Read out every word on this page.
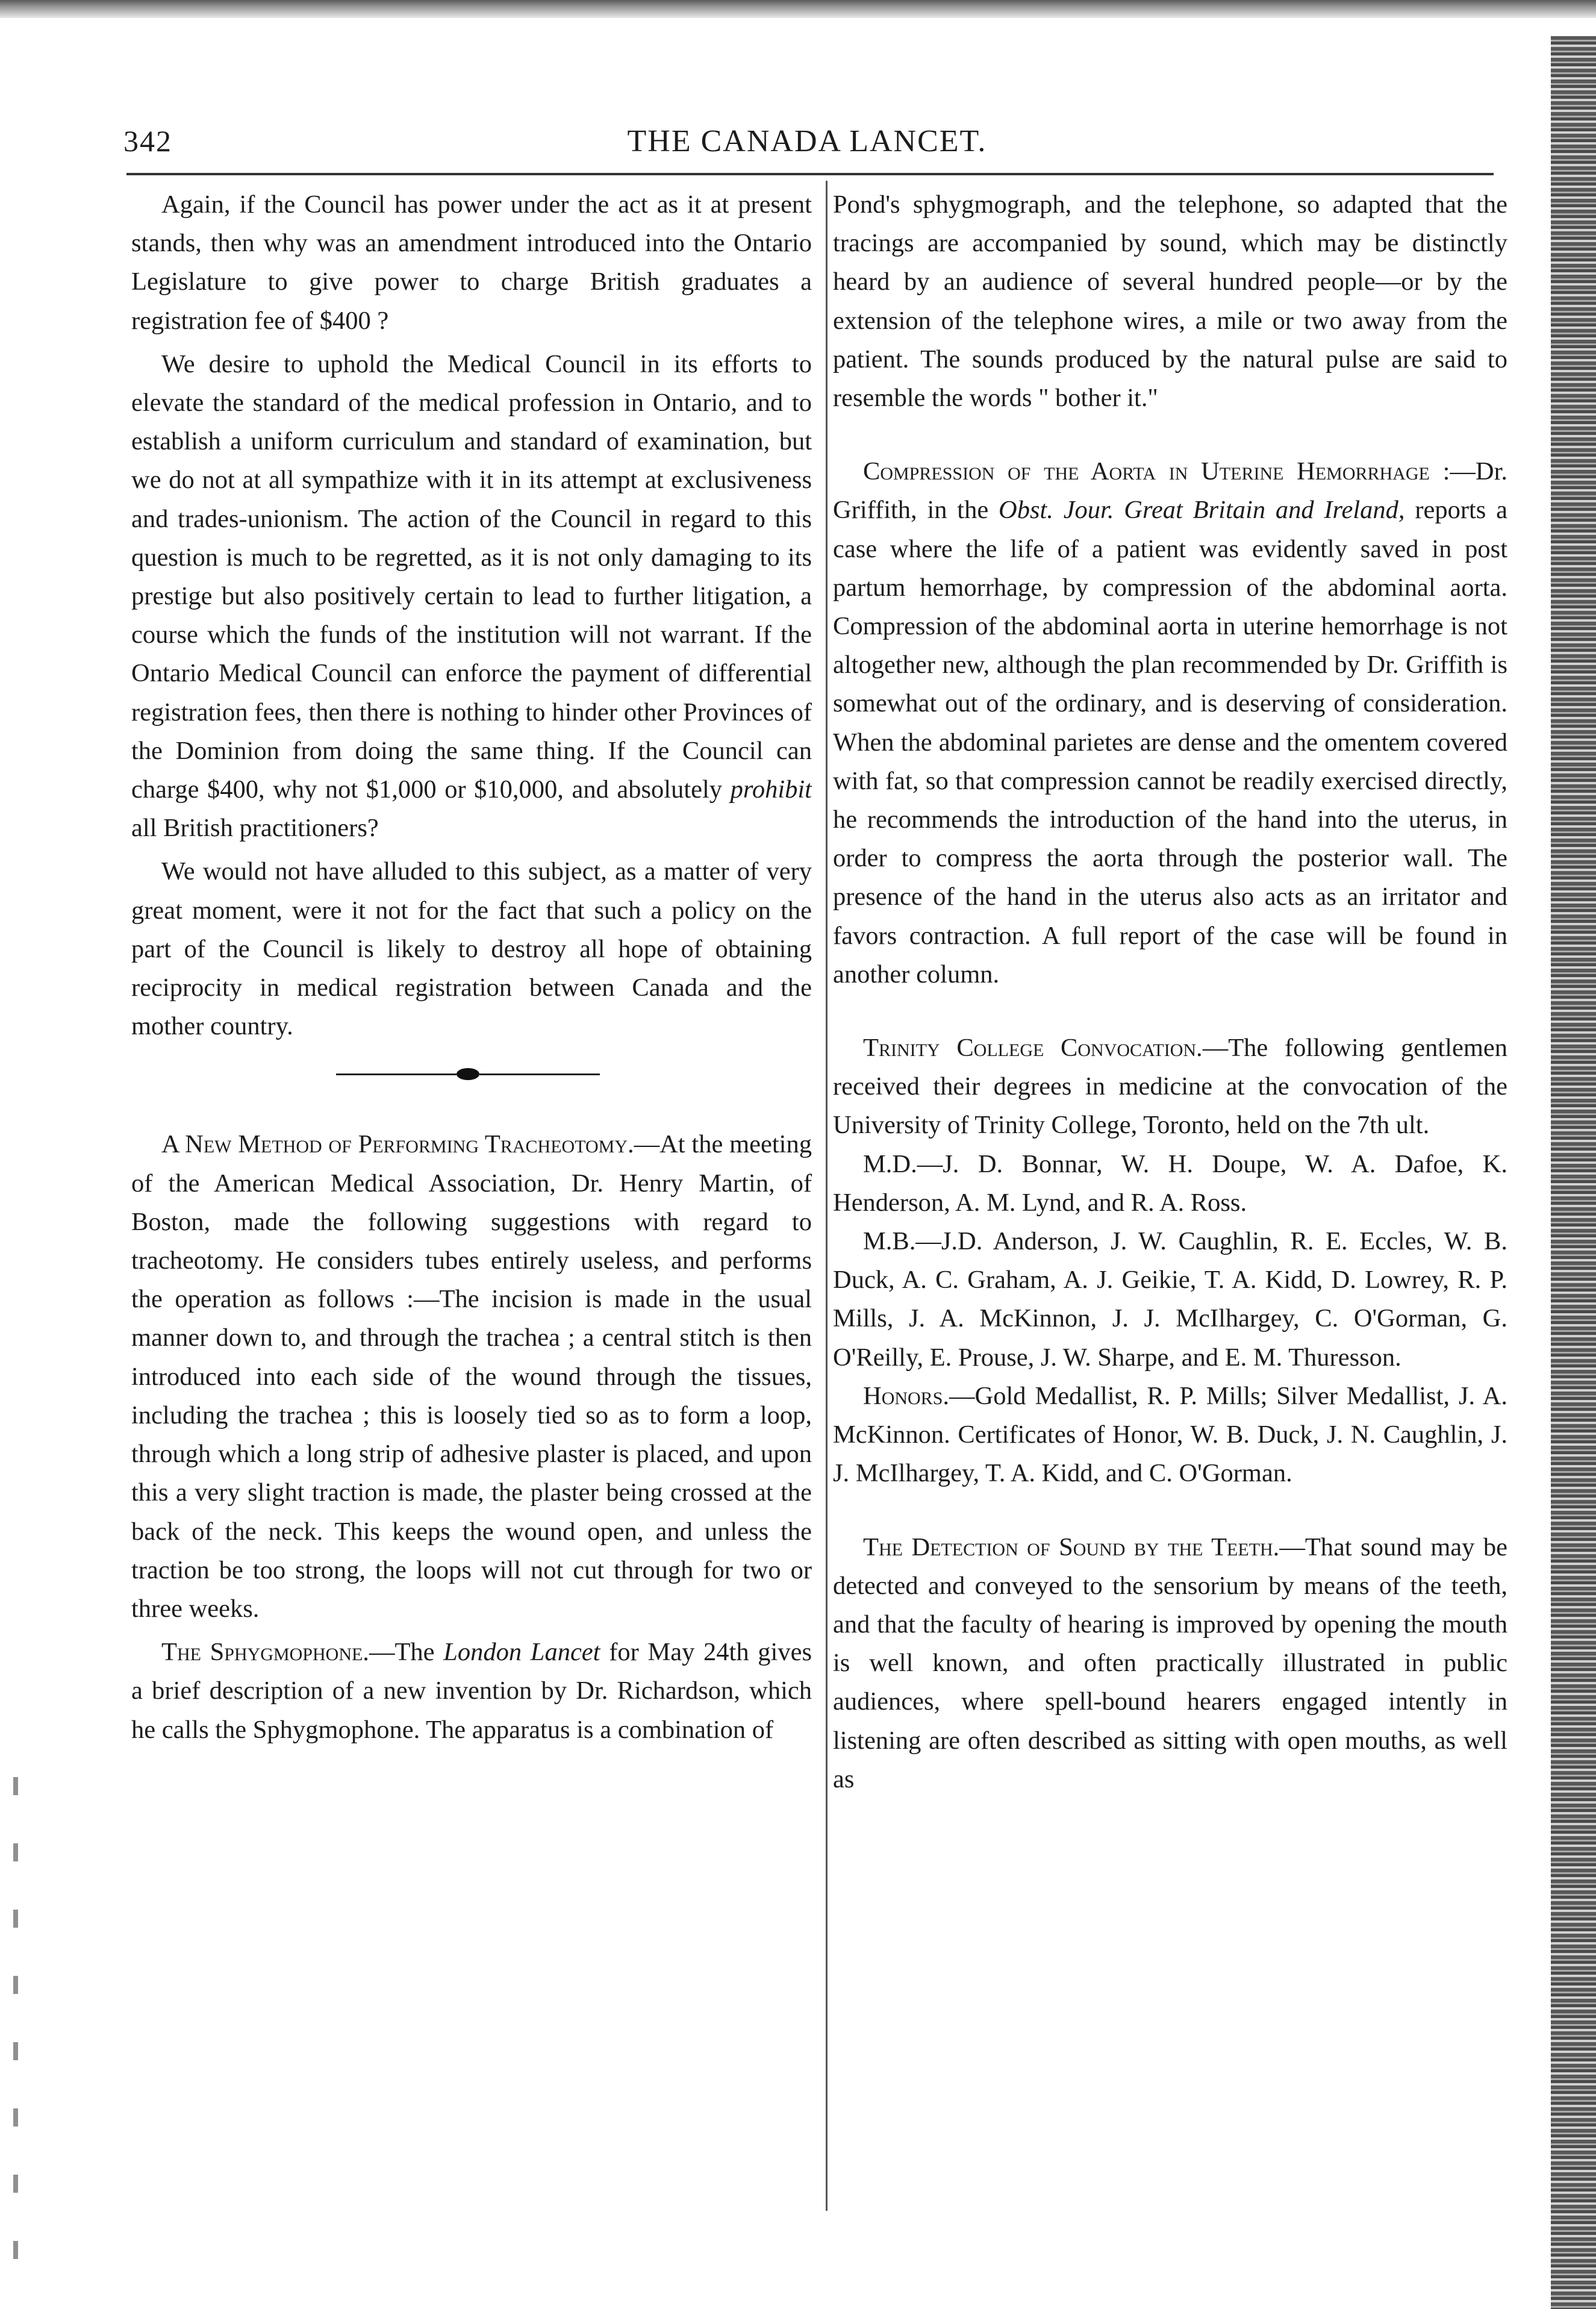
342	THE CANADA LANCET.

Again, if the Council has power under the act as it at present stands, then why was an amendment introduced into the Ontario Legislature to give power to charge British graduates a registration fee of $400 ?

We desire to uphold the Medical Council in its efforts to elevate the standard of the medical profession in Ontario, and to establish a uniform curriculum and standard of examination, but we do not at all sympathize with it in its attempt at exclusiveness and trades-unionism. The action of the Council in regard to this question is much to be regretted, as it is not only damaging to its prestige but also positively certain to lead to further litigation, a course which the funds of the institution will not warrant. If the Ontario Medical Council can enforce the payment of differential registration fees, then there is nothing to hinder other Provinces of the Dominion from doing the same thing. If the Council can charge $400, why not $1,000 or $10,000, and absolutely prohibit all British practitioners?

We would not have alluded to this subject, as a matter of very great moment, were it not for the fact that such a policy on the part of the Council is likely to destroy all hope of obtaining reciprocity in medical registration between Canada and the mother country.

A New Method of Performing Tracheotomy.—At the meeting of the American Medical Association, Dr. Henry Martin, of Boston, made the following suggestions with regard to tracheotomy. He considers tubes entirely useless, and performs the operation as follows :—The incision is made in the usual manner down to, and through the trachea ; a central stitch is then introduced into each side of the wound through the tissues, including the trachea ; this is loosely tied so as to form a loop, through which a long strip of adhesive plaster is placed, and upon this a very slight traction is made, the plaster being crossed at the back of the neck. This keeps the wound open, and unless the traction be too strong, the loops will not cut through for two or three weeks.

The Sphygmophone.—The London Lancet for May 24th gives a brief description of a new invention by Dr. Richardson, which he calls the Sphygmophone. The apparatus is a combination of

Pond's sphygmograph, and the telephone, so adapted that the tracings are accompanied by sound, which may be distinctly heard by an audience of several hundred people—or by the extension of the telephone wires, a mile or two away from the patient. The sounds produced by the natural pulse are said to resemble the words " bother it."

Compression of the Aorta in Uterine Hemorrhage :—Dr. Griffith, in the Obst. Jour. Great Britain and Ireland, reports a case where the life of a patient was evidently saved in post partum hemorrhage, by compression of the abdominal aorta. Compression of the abdominal aorta in uterine hemorrhage is not altogether new, although the plan recommended by Dr. Griffith is somewhat out of the ordinary, and is deserving of consideration. When the abdominal parietes are dense and the omentem covered with fat, so that compression cannot be readily exercised directly, he recommends the introduction of the hand into the uterus, in order to compress the aorta through the posterior wall. The presence of the hand in the uterus also acts as an irritator and favors contraction. A full report of the case will be found in another column.

Trinity College Convocation.—The following gentlemen received their degrees in medicine at the convocation of the University of Trinity College, Toronto, held on the 7th ult.

M.D.—J. D. Bonnar, W. H. Doupe, W. A. Dafoe, K. Henderson, A. M. Lynd, and R. A. Ross.

M.B.—J.D. Anderson, J. W. Caughlin, R. E. Eccles, W. B. Duck, A. C. Graham, A. J. Geikie, T. A. Kidd, D. Lowrey, R. P. Mills, J. A. McKinnon, J. J. McIlhargey, C. O'Gorman, G. O'Reilly, E. Prouse, J. W. Sharpe, and E. M. Thuresson.

Honors.—Gold Medallist, R. P. Mills; Silver Medallist, J. A. McKinnon. Certificates of Honor, W. B. Duck, J. N. Caughlin, J. J. McIlhargey, T. A. Kidd, and C. O'Gorman.

The Detection of Sound by the Teeth.—That sound may be detected and conveyed to the sensorium by means of the teeth, and that the faculty of hearing is improved by opening the mouth is well known, and often practically illustrated in public audiences, where spell-bound hearers engaged intently in listening are often described as sitting with open mouths, as well as
